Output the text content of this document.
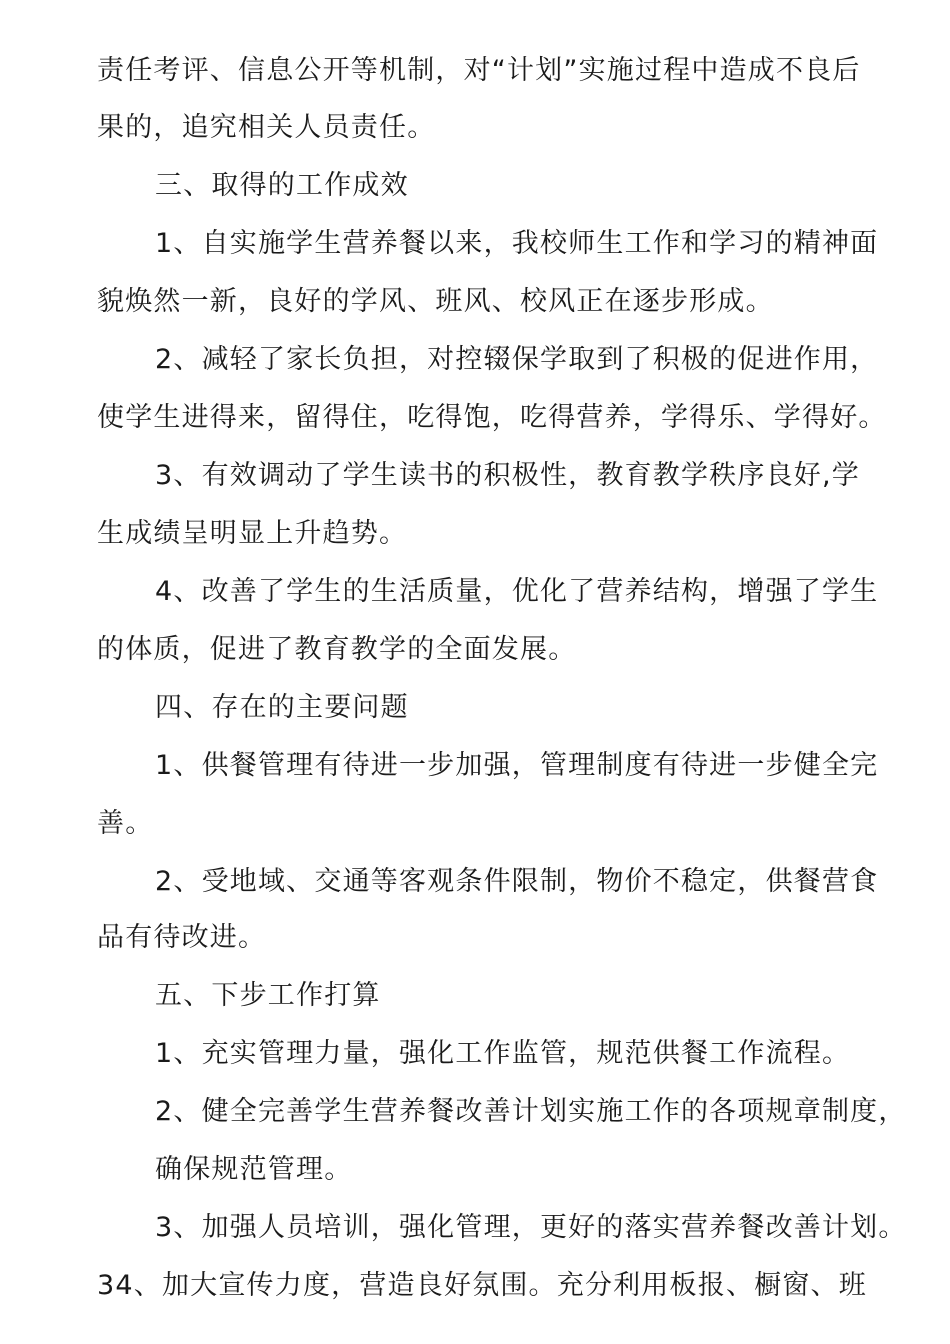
责任考评、信息公开等机制，对“计划”实施过程中造成不良后
果的，追究相关人员责任。
三、取得的工作成效
1、自实施学生营养餐以来，我校师生工作和学习的精神面
貌焕然一新，良好的学风、班风、校风正在逐步形成。
2、减轻了家长负担，对控辍保学取到了积极的促进作用，
使学生进得来，留得住，吃得饱，吃得营养，学得乐、学得好。
3、有效调动了学生读书的积极性，教育教学秩序良好,学
生成绩呈明显上升趋势。
4、改善了学生的生活质量，优化了营养结构，增强了学生
的体质，促进了教育教学的全面发展。
四、存在的主要问题
1、供餐管理有待进一步加强，管理制度有待进一步健全完
善。
2、受地域、交通等客观条件限制，物价不稳定，供餐营食
品有待改进。
五、下步工作打算
1、充实管理力量，强化工作监管，规范供餐工作流程。
2、健全完善学生营养餐改善计划实施工作的各项规章制度，
确保规范管理。
3、加强人员培训，强化管理，更好的落实营养餐改善计划。
34、加大宣传力度，营造良好氛围。充分利用板报、橱窗、班
